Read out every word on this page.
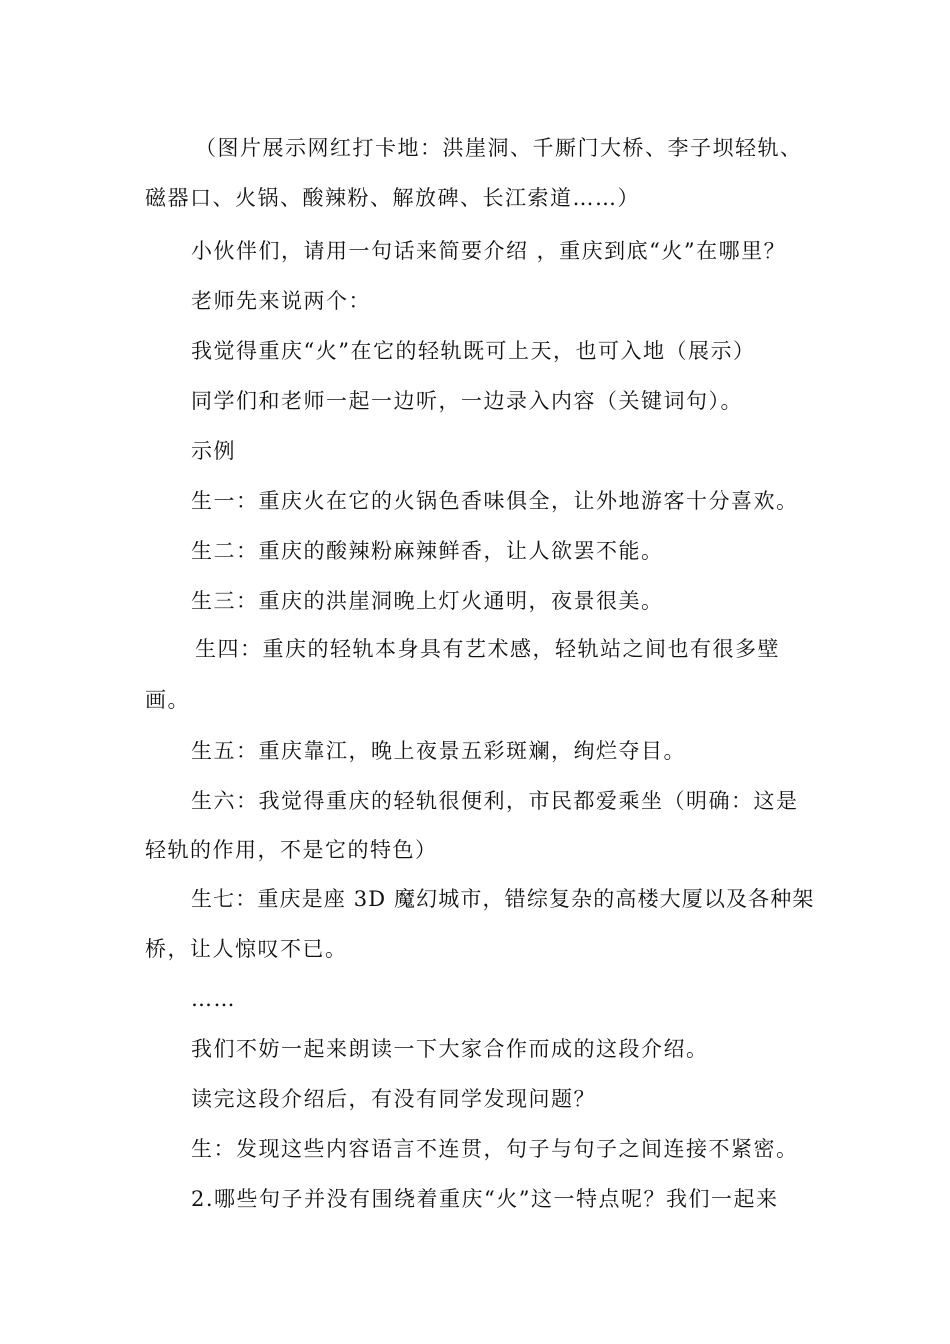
（图片展示网红打卡地：洪崖洞、千厮门大桥、李子坝轻轨、
磁器口、火锅、酸辣粉、解放碑、长江索道……）
小伙伴们，请用一句话来简要介绍 ，重庆到底“火”在哪里？
老师先来说两个：
我觉得重庆“火”在它的轻轨既可上天，也可入地（展示）
同学们和老师一起一边听，一边录入内容（关键词句）。
示例
生一：重庆火在它的火锅色香味俱全，让外地游客十分喜欢。
生二：重庆的酸辣粉麻辣鲜香，让人欲罢不能。
生三：重庆的洪崖洞晚上灯火通明，夜景很美。
生四：重庆的轻轨本身具有艺术感，轻轨站之间也有很多壁
画。
生五：重庆靠江，晚上夜景五彩斑斓，绚烂夺目。
生六：我觉得重庆的轻轨很便利，市民都爱乘坐（明确：这是
轻轨的作用，不是它的特色）
生七：重庆是座 3D 魔幻城市，错综复杂的高楼大厦以及各种架
桥，让人惊叹不已。
……
我们不妨一起来朗读一下大家合作而成的这段介绍。
读完这段介绍后，有没有同学发现问题？
生：发现这些内容语言不连贯，句子与句子之间连接不紧密。
2.哪些句子并没有围绕着重庆“火”这一特点呢？我们一起来
